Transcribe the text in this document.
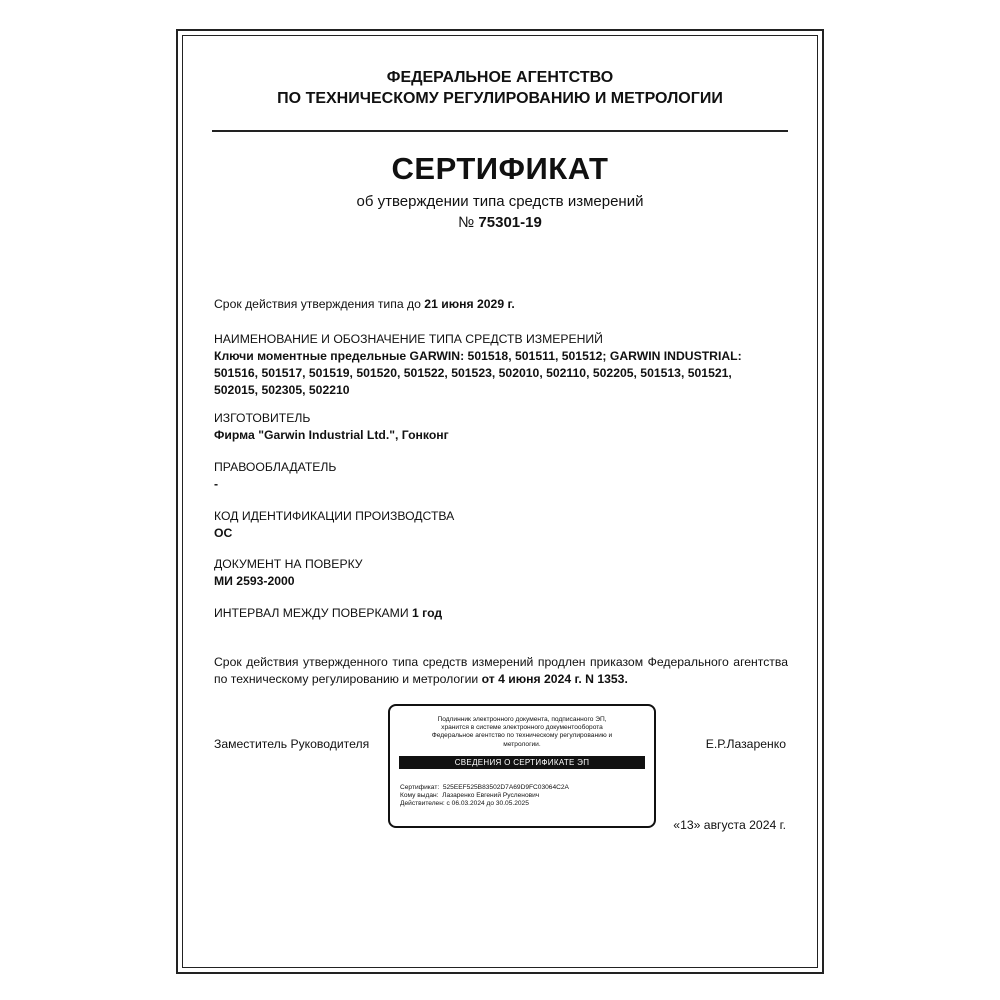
ФЕДЕРАЛЬНОЕ АГЕНТСТВО
ПО ТЕХНИЧЕСКОМУ РЕГУЛИРОВАНИЮ И МЕТРОЛОГИИ
СЕРТИФИКАТ
об утверждении типа средств измерений
№ 75301-19
Срок действия утверждения типа до 21 июня 2029 г.

НАИМЕНОВАНИЕ И ОБОЗНАЧЕНИЕ ТИПА СРЕДСТВ ИЗМЕРЕНИЙ

Ключи моментные предельные GARWIN: 501518, 501511, 501512; GARWIN INDUSTRIAL:

501516, 501517, 501519, 501520, 501522, 501523, 502010, 502110, 502205, 501513, 501521,

502015, 502305, 502210

ИЗГОТОВИТЕЛЬ

Фирма "Garwin Industrial Ltd.", Гонконг

ПРАВООБЛАДАТЕЛЬ

-

КОД ИДЕНТИФИКАЦИИ ПРОИЗВОДСТВА

ОС

ДОКУМЕНТ НА ПОВЕРКУ

МИ 2593-2000

ИНТЕРВАЛ МЕЖДУ ПОВЕРКАМИ 1 год
Срок действия утвержденного типа средств измерений продлен приказом Федерального агентства по техническому регулированию и метрологии от 4 июня 2024 г. N 1353.
Заместитель Руководителя	Е.Р.Лазаренко
Подлинник электронного документа, подписанного ЭП,
хранится в системе электронного документооборота
Федеральное агентство по техническому регулированию и
метрологии.
СВЕДЕНИЯ О СЕРТИФИКАТЕ ЭП
Сертификат: 525EEF525B83502D7A69D9FC03064C2A
Кому выдан: Лазаренко Евгений Русленович
Действителен: с 06.03.2024 до 30.05.2025
«13» августа 2024 г.
